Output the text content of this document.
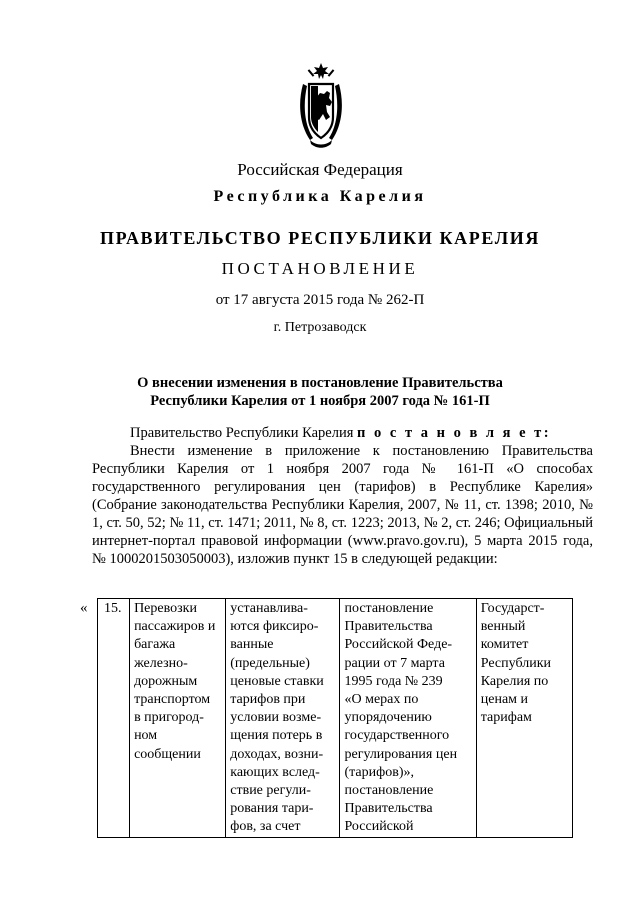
Российская Федерация
Республика Карелия
ПРАВИТЕЛЬСТВО РЕСПУБЛИКИ КАРЕЛИЯ
ПОСТАНОВЛЕНИЕ
от 17 августа 2015 года № 262-П
г. Петрозаводск
О внесении изменения в постановление Правительства
Республики Карелия от 1 ноября 2007 года № 161-П
Правительство Республики Карелия п о с т а н о в л я е т:
Внести изменение в приложение к постановлению Правительства Республики Карелия от 1 ноября 2007 года № 161-П «О способах государственного регулирования цен (тарифов) в Республике Карелия» (Собрание законодательства Республики Карелия, 2007, № 11, ст. 1398; 2010, № 1, ст. 50, 52; № 11, ст. 1471; 2011, № 8, ст. 1223; 2013, № 2, ст. 246; Официальный интернет-портал правовой информации (www.pravo.gov.ru), 5 марта 2015 года, № 1000201503050003), изложив пункт 15 в следующей редакции:
« 15.	Перевозки
пассажиров и
багажа
железно-
дорожным
транспортом
в пригород-
ном
сообщении

устанавлива-
ются фиксиро-
ванные
(предельные)
ценовые ставки
тарифов при
условии возме-
щения потерь в
доходах, возни-
кающих вслед-
ствие регули-
рования тари-
фов, за счет

постановление
Правительства
Российской Феде-
рации от 7 марта
1995 года № 239
«О мерах по
упорядочению
государственного
регулирования цен
(тарифов)»,
постановление
Правительства
Российской

Государст-
венный
комитет
Республики
Карелия по
ценам и
тарифам
